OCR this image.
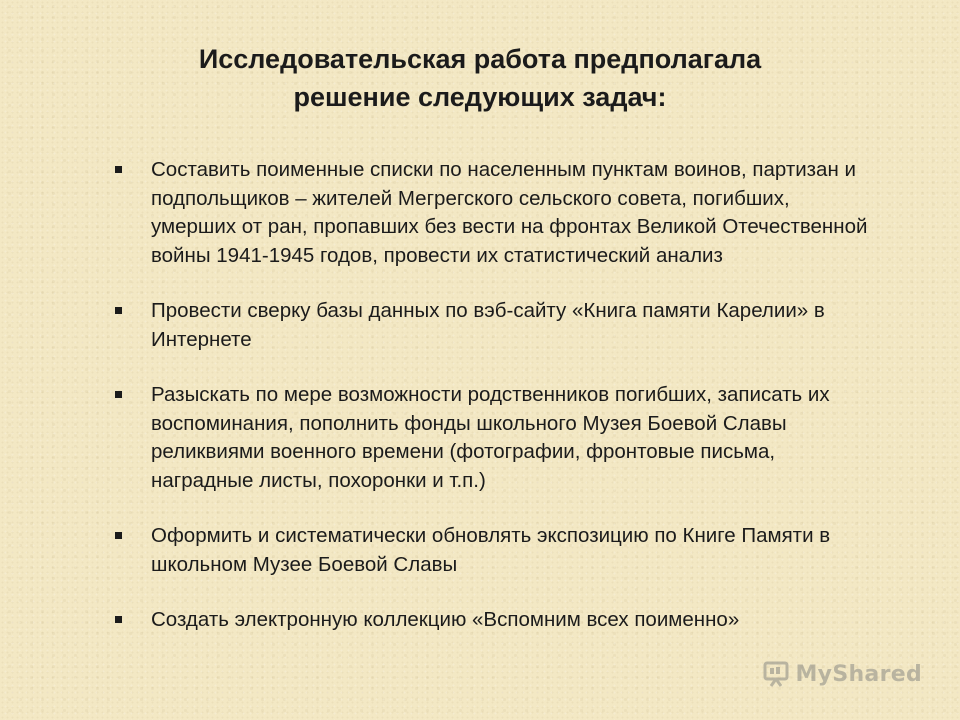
Исследовательская работа предполагала решение следующих задач:
Составить поименные списки по населенным пунктам воинов, партизан и подпольщиков – жителей Мегрегского сельского совета, погибших, умерших от ран, пропавших без вести на фронтах Великой Отечественной войны 1941-1945 годов, провести их статистический анализ
Провести сверку базы данных по вэб-сайту «Книга памяти Карелии» в Интернете
Разыскать по мере возможности родственников погибших, записать их воспоминания, пополнить фонды школьного Музея Боевой Славы реликвиями военного времени (фотографии, фронтовые письма, наградные листы, похоронки и т.п.)
Оформить и систематически обновлять экспозицию по Книге Памяти в школьном Музее Боевой Славы
Создать электронную коллекцию «Вспомним всех поименно»
MyShared
